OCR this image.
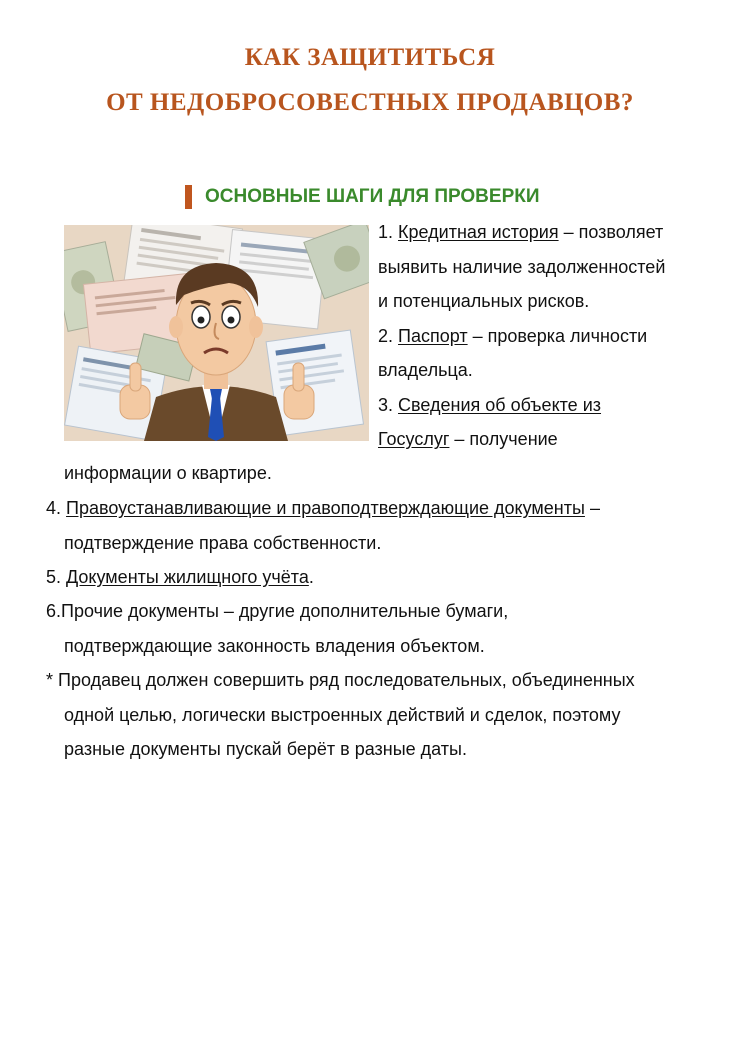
КАК ЗАЩИТИТЬСЯ
ОТ НЕДОБРОСОВЕСТНЫХ ПРОДАВЦОВ?
ОСНОВНЫЕ ШАГИ ДЛЯ ПРОВЕРКИ
1. Кредитная история – позволяет
выявить наличие задолженностей
и потенциальных рисков.
2. Паспорт – проверка личности
владельца.
3. Сведения об объекте из
Госуслуг – получение
информации о квартире.
4. Правоустанавливающие и правоподтверждающие документы –
подтверждение права собственности.
5. Документы жилищного учёта.
6.Прочие документы – другие дополнительные бумаги,
подтверждающие законность владения объектом.
* Продавец должен совершить ряд последовательных, объединенных
одной целью, логически выстроенных действий и сделок, поэтому
разные документы пускай берёт в разные даты.
